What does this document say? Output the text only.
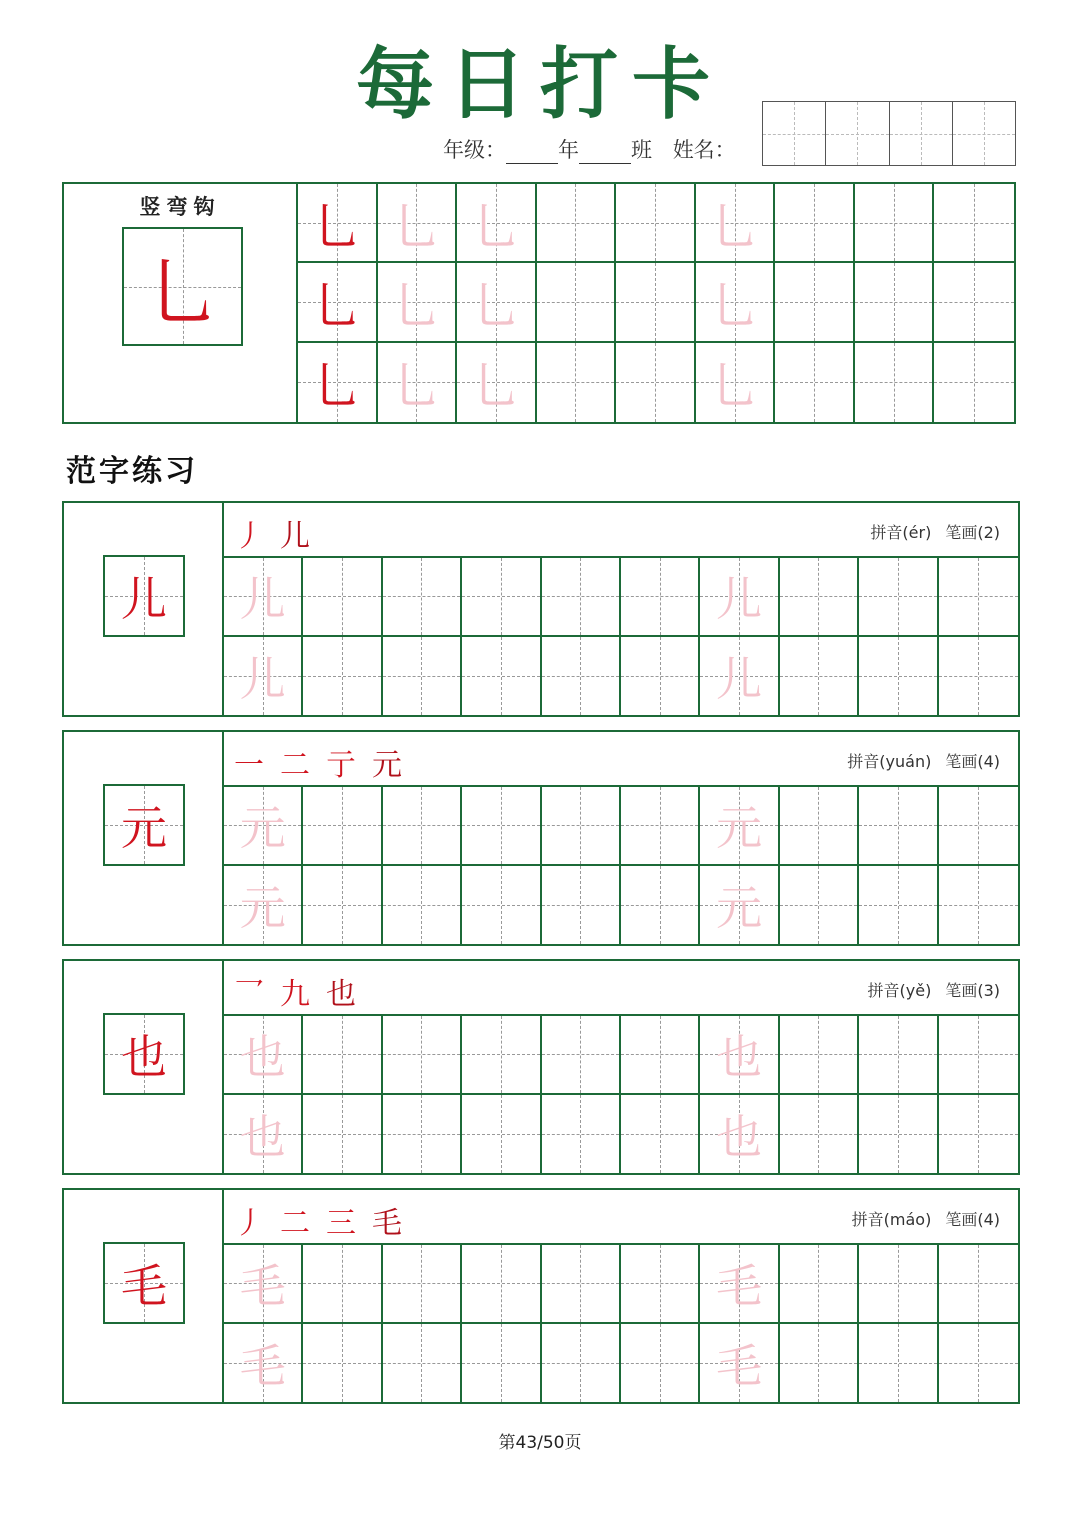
每日打卡
年级： 年 班 姓名：
竖弯钩
乚
乚 乚 乚	乚
乚 乚 乚	乚
乚 乚 乚	乚
范字练习
儿
丿 儿	拼音(ér) 笔画(2)
儿	儿
儿	儿
元
一 二 亍 元	拼音(yuán) 笔画(4)
元	元
元	元
也
乛 九 也	拼音(yě) 笔画(3)
也	也
也	也
毛
丿 二 三 毛	拼音(máo) 笔画(4)
毛	毛
毛	毛
第43/50页
